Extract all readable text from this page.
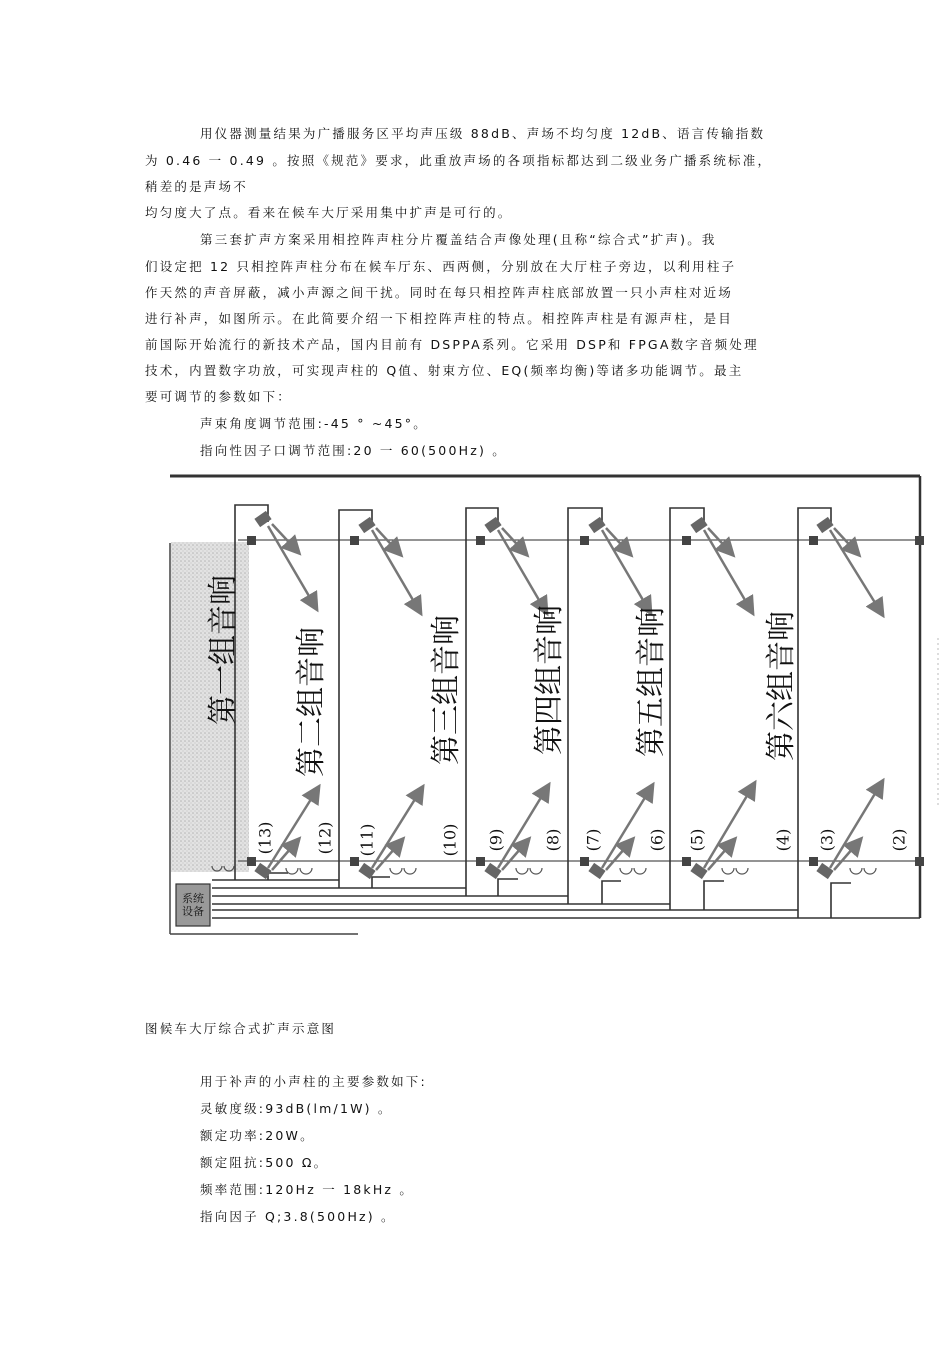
用仪器测量结果为广播服务区平均声压级 88dB、声场不均匀度 12dB、语言传输指数
为 0.46 一 0.49 。按照《规范》要求，此重放声场的各项指标都达到二级业务广播系统标准，
稍差的是声场不
均匀度大了点。看来在候车大厅采用集中扩声是可行的。
第三套扩声方案采用相控阵声柱分片覆盖结合声像处理(且称“综合式”扩声)。我
们设定把 12 只相控阵声柱分布在候车厅东、西两侧，分别放在大厅柱子旁边，以利用柱子
作天然的声音屏蔽，减小声源之间干扰。同时在每只相控阵声柱底部放置一只小声柱对近场
进行补声，如图所示。在此简要介绍一下相控阵声柱的特点。相控阵声柱是有源声柱，是目
前国际开始流行的新技术产品，国内目前有 DSPPA系列。它采用 DSP和 FPGA数字音频处理
技术，内置数字功放，可实现声柱的 Q值、射束方位、EQ(频率均衡)等诸多功能调节。最主
要可调节的参数如下：
声束角度调节范围:-45 ° ~45°。
指向性因子口调节范围:20 一 60(500Hz) 。
第一组音响 第二组音响	第三组音响 第四组音响 第五组音响	第六组音响
(13)	(12) (11)	(10) (9) (8) (7)	(6) (5)	(4) (3)	(2)
系统设备
图候车大厅综合式扩声示意图
用于补声的小声柱的主要参数如下:
灵敏度级:93dB(lm/1W) 。
额定功率:20W。
额定阻抗:500 Ω。
频率范围:120Hz 一 18kHz 。
指向因子 Q;3.8(500Hz) 。
